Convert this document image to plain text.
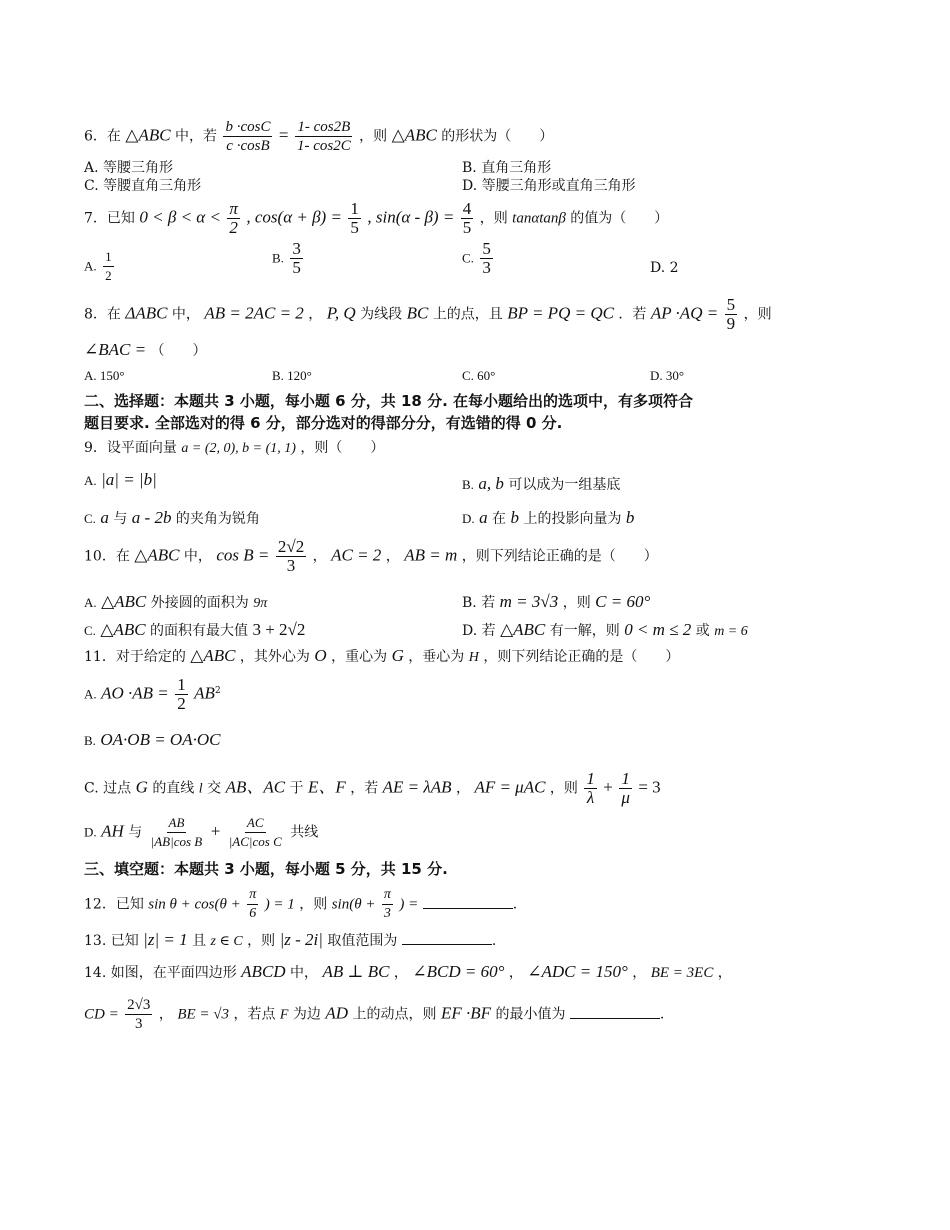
6．在 △ABC 中，若 $\frac{b \cdot\cos C}{c \cdot\cos B} = \frac{1- \cos 2B}{1- \cos 2C}$ ，则 △ABC 的形状为（　　）
A. 等腰三角形	B. 直角三角形
C. 等腰直角三角形	D. 等腰三角形或直角三角形
7．已知 $0 < \beta < \alpha < \frac{\pi}{2}$ , $\cos(\alpha + \beta) = \frac{1}{5}$ , $\sin(\alpha - \beta) = \frac{4}{5}$ ，则 tanαtanβ 的值为（　　）
A. $\frac{1}{2}$	B. $\frac{3}{5}$	C. $\frac{5}{3}$	D. 2
8．在 ΔABC 中， AB = 2AC = 2 ， P, Q 为线段 BC 上的点，且 BP = PQ = QC ．若 AP $\cdot AQ = \frac{5}{9}$ ，则
∠BAC = （　　）
A. 150°	B. 120°	C. 60°	D. 30°
二、选择题：本题共 3 小题，每小题 6 分，共 18 分. 在每小题给出的选项中，有多项符合
题目要求. 全部选对的得 6 分，部分选对的得部分分，有选错的得 0 分.
9．设平面向量 a = (2, 0), b = (1, 1) ，则（　　）
A. |a| = |b|	B. a, b 可以成为一组基底
C. a 与 a - 2b 的夹角为锐角	D. a 在 b 上的投影向量为 b
10．在 △ABC 中， $\cos B = \frac{2√2}{3}$ ， AC = 2 ， AB = m ，则下列结论正确的是（　　）
A. △ABC 外接圆的面积为 9π	B. 若 m = 3√3 ，则 C = 60°
C. △ABC 的面积有最大值 3 + 2√2	D. 若 △ABC 有一解，则 0 < m ≤ 2 或 m = 6
11．对于给定的 △ABC ，其外心为 O ，重心为 G ，垂心为 H ，则下列结论正确的是（　　）
A. AO $\cdot AB = \frac{1}{2} AB^2$
B. OA·OB = OA·OC
C. 过点 G 的直线 l 交 AB、AC 于 E、F ，若 AE = λAB ， AF = μAC ，则 $\frac{1}{\lambda} + \frac{1}{\mu} = 3$
D. AH 与 $\frac{AB}{\text{|AB|cos B}} + \frac{AC}{\text{|AC|cos C}}$ 共线
三、填空题：本题共 3 小题，每小题 5 分，共 15 分.
12．已知 $\sin \theta + \cos(\theta + \frac{\pi}{6}$ ) = 1 ，则 $\sin(\theta + \frac{\pi}{3}$ ) =	.
13. 已知 |z| = 1 且 z ∈ C ，则 |z - 2i| 取值范围为	.
14. 如图，在平面四边形 ABCD 中， AB ⊥ BC ， ∠BCD = 60° ， ∠ADC = 150° ， BE = 3EC ，
CD = $\frac{2√3}{3}$ ， BE = √3 ，若点 F 为边 AD 上的动点，则 EF ·BF 的最小值为	.
